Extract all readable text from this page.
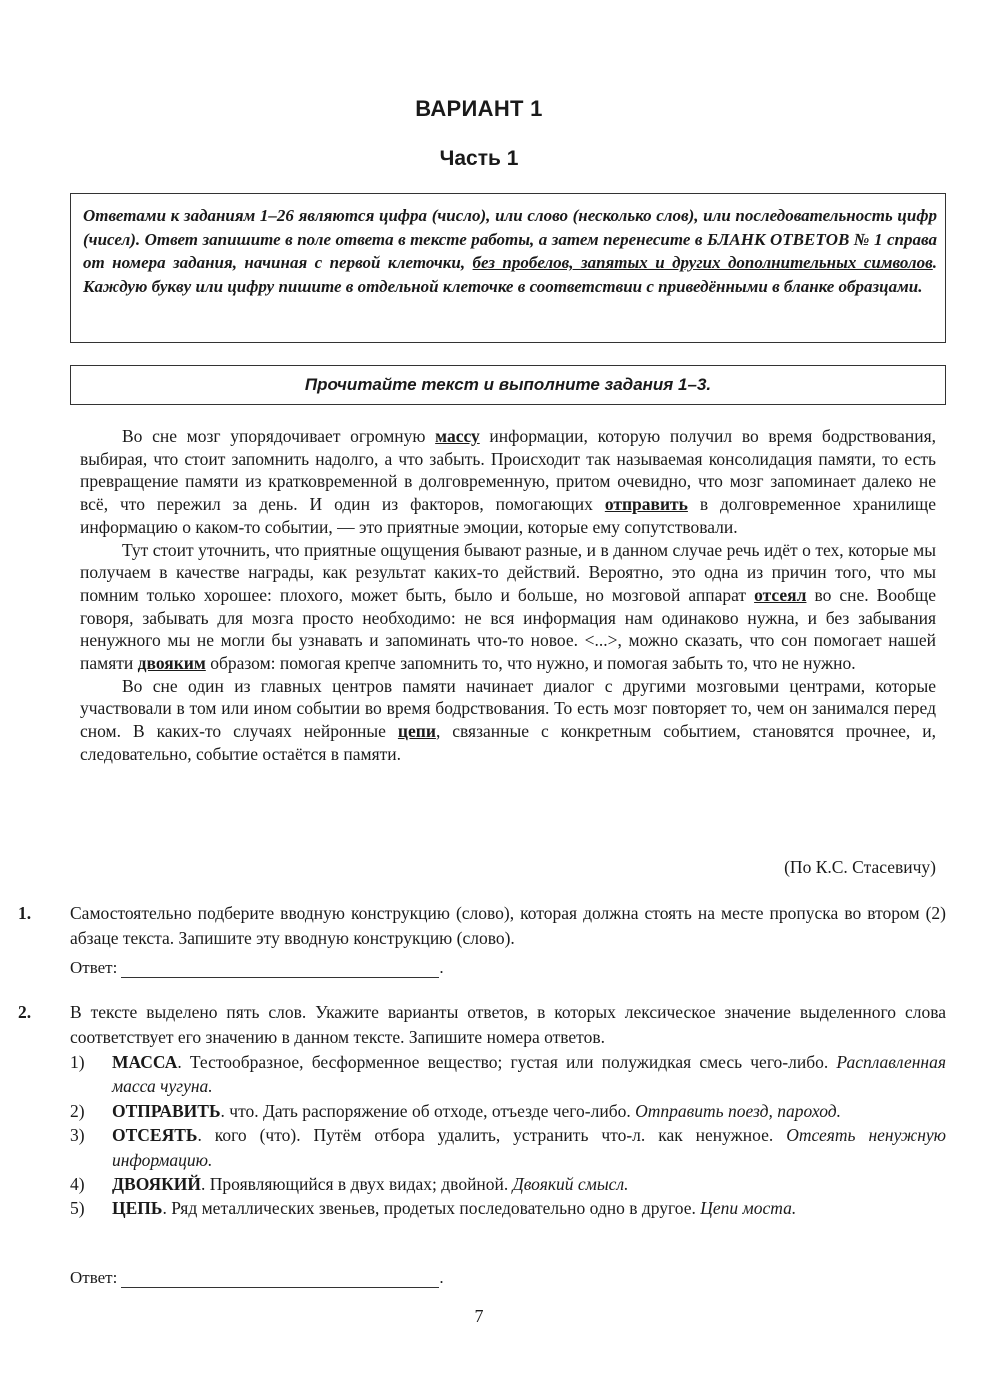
ВАРИАНТ 1
Часть 1
Ответами к заданиям 1–26 являются цифра (число), или слово (несколько слов), или последовательность цифр (чисел). Ответ запишите в поле ответа в тексте работы, а затем перенесите в БЛАНК ОТВЕТОВ № 1 справа от номера задания, начиная с первой клеточки, без пробелов, запятых и других дополнительных символов. Каждую букву или цифру пишите в отдельной клеточке в соответствии с приведёнными в бланке образцами.
Прочитайте текст и выполните задания 1–3.

Во сне мозг упорядочивает огромную массу информации, которую получил во время бодрствования, выбирая, что стоит запомнить надолго, а что забыть. Происходит так называемая консолидация памяти, то есть превращение памяти из кратковременной в долговременную, притом очевидно, что мозг запоминает далеко не всё, что пережил за день. И один из факторов, помогающих отправить в долговременное хранилище информацию о каком-то событии, — это приятные эмоции, которые ему сопутствовали.

Тут стоит уточнить, что приятные ощущения бывают разные, и в данном случае речь идёт о тех, которые мы получаем в качестве награды, как результат каких-то действий. Вероятно, это одна из причин того, что мы помним только хорошее: плохого, может быть, было и больше, но мозговой аппарат отсеял во сне. Вообще говоря, забывать для мозга просто необходимо: не вся информация нам одинаково нужна, и без забывания ненужного мы не могли бы узнавать и запоминать что-то новое. <...>, можно сказать, что сон помогает нашей памяти двояким образом: помогая крепче запомнить то, что нужно, и помогая забыть то, что не нужно.

Во сне один из главных центров памяти начинает диалог с другими мозговыми центрами, которые участвовали в том или ином событии во время бодрствования. То есть мозг повторяет то, чем он занимался перед сном. В каких-то случаях нейронные цепи, связанные с конкретным событием, становятся прочнее, и, следовательно, событие остаётся в памяти.

(По К.С. Стасевичу)
1. Самостоятельно подберите вводную конструкцию (слово), которая должна стоять на месте пропуска во втором (2) абзаце текста. Запишите эту вводную конструкцию (слово).
Ответ:	.
2. В тексте выделено пять слов. Укажите варианты ответов, в которых лексическое значение выделенного слова соответствует его значению в данном тексте. Запишите номера ответов.
1)	МАССА. Тестообразное, бесформенное вещество; густая или полужидкая смесь чего-либо. Расплавленная масса чугуна.
2)	ОТПРАВИТЬ. что. Дать распоряжение об отходе, отъезде чего-либо. Отправить поезд, пароход.
3)	ОТСЕЯТЬ. кого (что). Путём отбора удалить, устранить что-л. как ненужное. Отсеять ненужную информацию.
4)	ДВОЯКИЙ. Проявляющийся в двух видах; двойной. Двоякий смысл.
5)	ЦЕПЬ. Ряд металлических звеньев, продетых последовательно одно в другое. Цепи моста.
Ответ:	.
7
